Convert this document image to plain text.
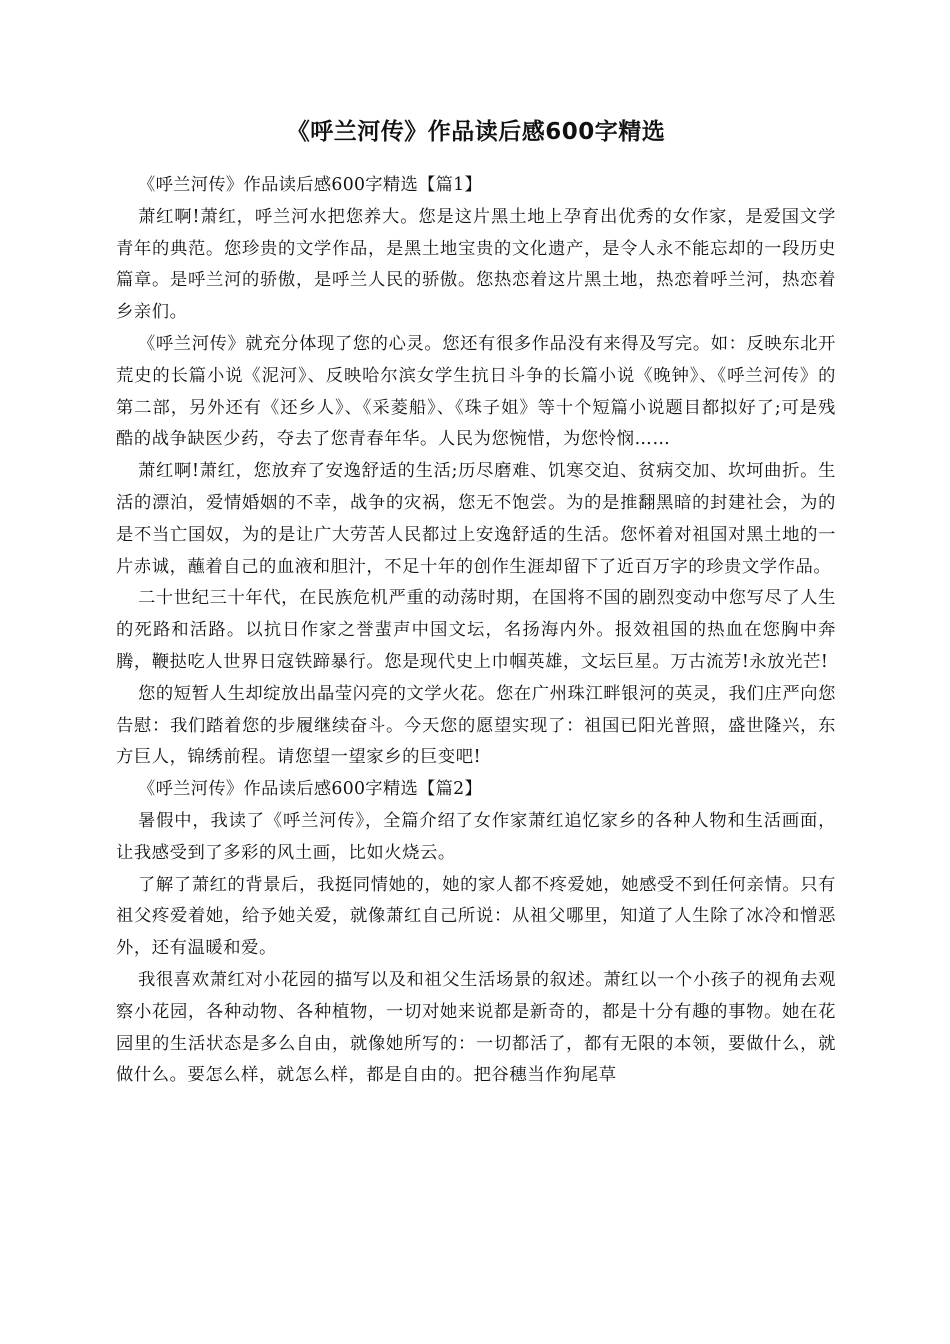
《呼兰河传》作品读后感600字精选

《呼兰河传》作品读后感600字精选【篇1】

萧红啊!萧红，呼兰河水把您养大。您是这片黑土地上孕育出优秀的女作家，是爱国文学青年的典范。您珍贵的文学作品，是黑土地宝贵的文化遗产，是令人永不能忘却的一段历史篇章。是呼兰河的骄傲，是呼兰人民的骄傲。您热恋着这片黑土地，热恋着呼兰河，热恋着乡亲们。

《呼兰河传》就充分体现了您的心灵。您还有很多作品没有来得及写完。如：反映东北开荒史的长篇小说《泥河》、反映哈尔滨女学生抗日斗争的长篇小说《晚钟》、《呼兰河传》的第二部，另外还有《还乡人》、《采菱船》、《珠子姐》等十个短篇小说题目都拟好了;可是残酷的战争缺医少药，夺去了您青春年华。人民为您惋惜，为您怜悯……

萧红啊!萧红，您放弃了安逸舒适的生活;历尽磨难、饥寒交迫、贫病交加、坎坷曲折。生活的漂泊，爱情婚姻的不幸，战争的灾祸，您无不饱尝。为的是推翻黑暗的封建社会，为的是不当亡国奴，为的是让广大劳苦人民都过上安逸舒适的生活。您怀着对祖国对黑土地的一片赤诚，蘸着自己的血液和胆汁，不足十年的创作生涯却留下了近百万字的珍贵文学作品。

二十世纪三十年代，在民族危机严重的动荡时期，在国将不国的剧烈变动中您写尽了人生的死路和活路。以抗日作家之誉蜚声中国文坛，名扬海内外。报效祖国的热血在您胸中奔腾，鞭挞吃人世界日寇铁蹄暴行。您是现代史上巾帼英雄，文坛巨星。万古流芳!永放光芒!

您的短暂人生却绽放出晶莹闪亮的文学火花。您在广州珠江畔银河的英灵，我们庄严向您告慰：我们踏着您的步履继续奋斗。今天您的愿望实现了：祖国已阳光普照，盛世隆兴，东方巨人，锦绣前程。请您望一望家乡的巨变吧!

《呼兰河传》作品读后感600字精选【篇2】

暑假中，我读了《呼兰河传》，全篇介绍了女作家萧红追忆家乡的各种人物和生活画面，让我感受到了多彩的风土画，比如火烧云。

了解了萧红的背景后，我挺同情她的，她的家人都不疼爱她，她感受不到任何亲情。只有祖父疼爱着她，给予她关爱，就像萧红自己所说：从祖父哪里，知道了人生除了冰冷和憎恶外，还有温暖和爱。

我很喜欢萧红对小花园的描写以及和祖父生活场景的叙述。萧红以一个小孩子的视角去观察小花园，各种动物、各种植物，一切对她来说都是新奇的，都是十分有趣的事物。她在花园里的生活状态是多么自由，就像她所写的：一切都活了，都有无限的本领，要做什么，就做什么。要怎么样，就怎么样，都是自由的。把谷穗当作狗尾草
